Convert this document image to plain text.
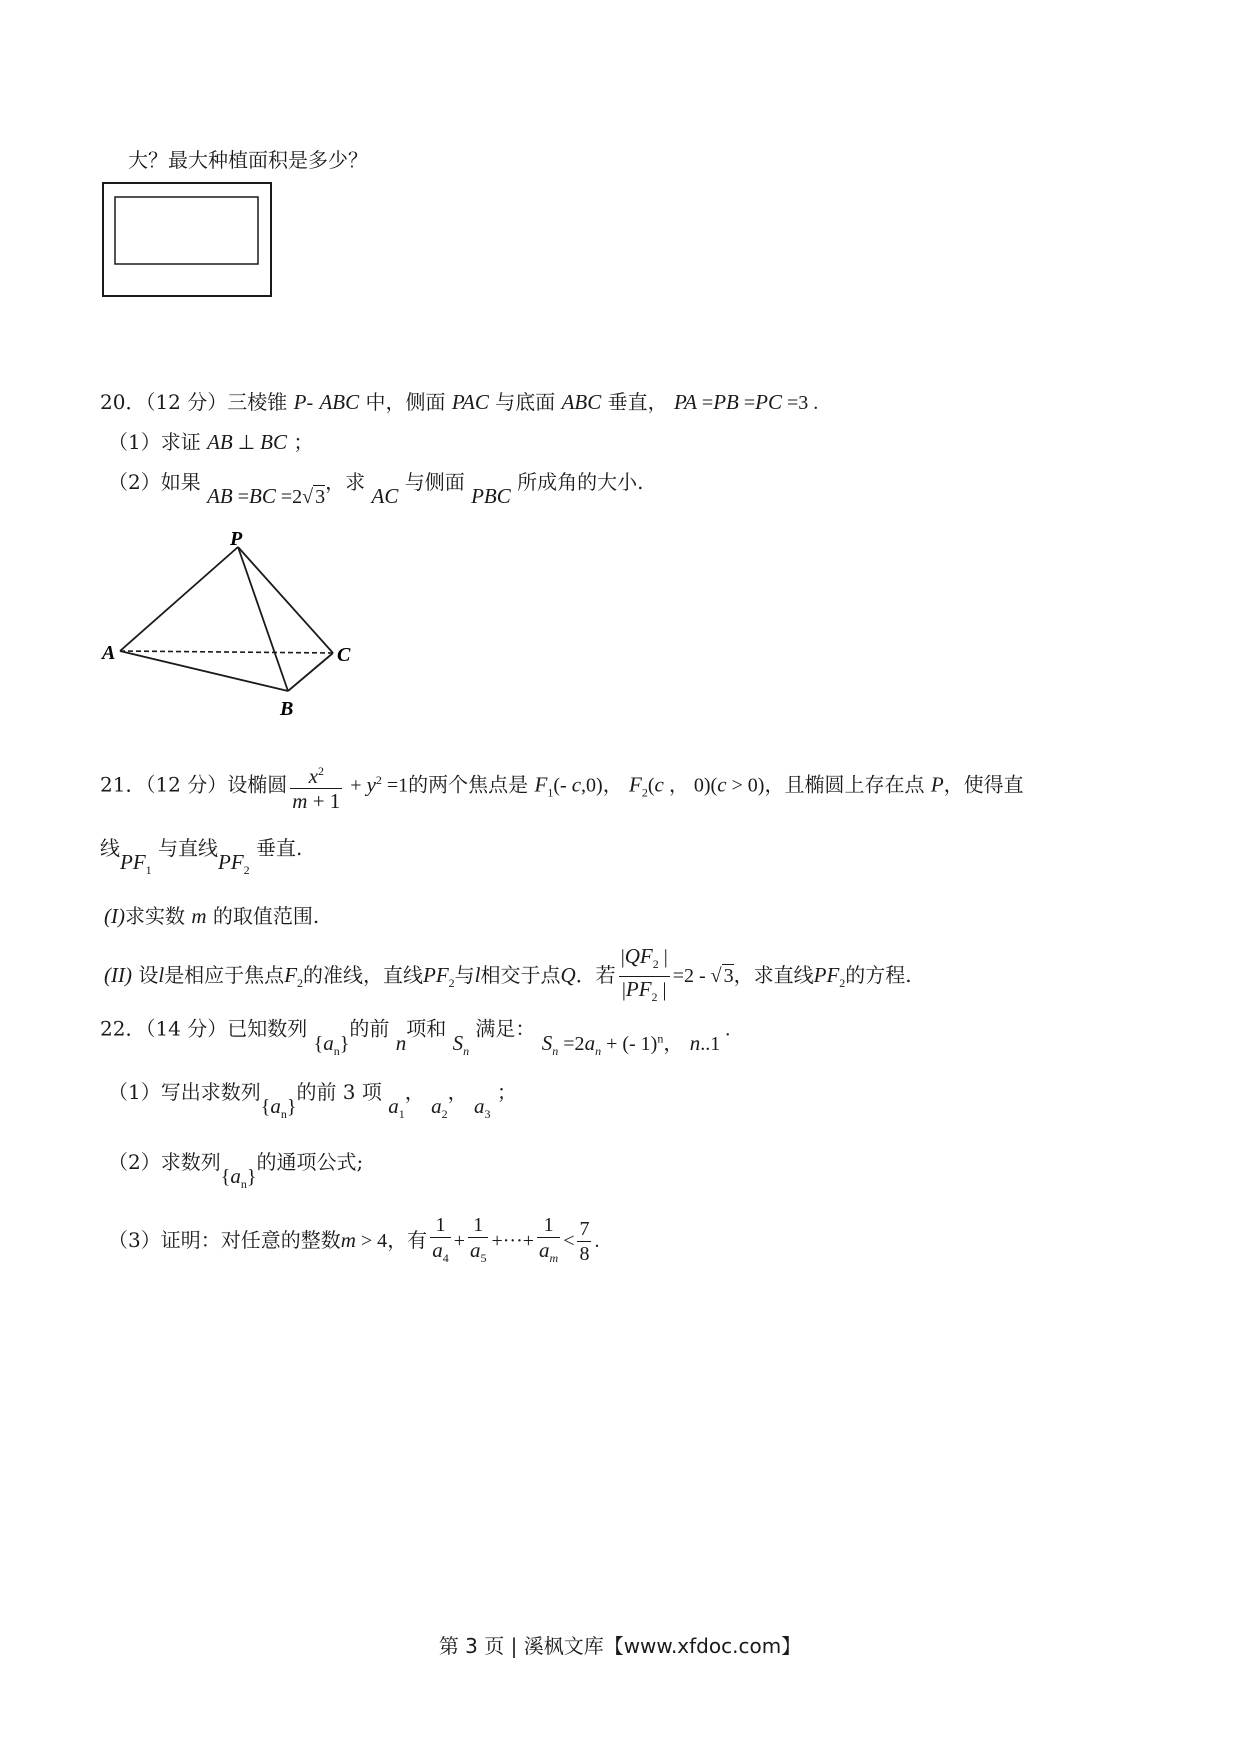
大？最大种植面积是多少？
20．（12 分）三棱锥 P- ABC 中，侧面 PAC 与底面 ABC 垂直， PA =PB =PC =3 .
（1）求证 AB ⊥ BC ；
（2）如果 AB =BC =2√ 3，求 AC 与侧面 PBC 所成角的大小.
P
A	C
B
21．（12 分）设椭圆 $\frac{x^2}{m + 1} + y^2 =1$的两个焦点是 $F_1(-$ c,0)， $F_2(c$ ， 0)(c > 0)，且椭圆上存在点 P，使得直
线$PF_1$ 与直线$PF_2$ 垂直.
(I)求实数 m 的取值范围.
(II) 设l是相应于焦点$F_2$的准线，直线$PF_2$与l相交于点Q．若 $\frac{|QF_2 |}{|PF_2 |} =2$ - √ 3，求直线$PF_2$的方程.
22．（14 分）已知数列 $\{a_n\}$的前 n项和 $S_n$ 满足： $S_n =2a_n$ + (- 1)$^n$， n..1 .
（1）写出求数列$\{a_n\}$的前 3 项 $a_1$， $a_2$， $a_3$ ；
（2）求数列$\{a_n\}$的通项公式;
（3）证明：对任意的整数m > 4，有 $\frac{1}{a_4} + \frac{1}{a_5}$ +···+ $\frac{1}{a_m} < \frac{7}{8}$ .
第 3 页 | 溪枫文库【www.xfdoc.com】
